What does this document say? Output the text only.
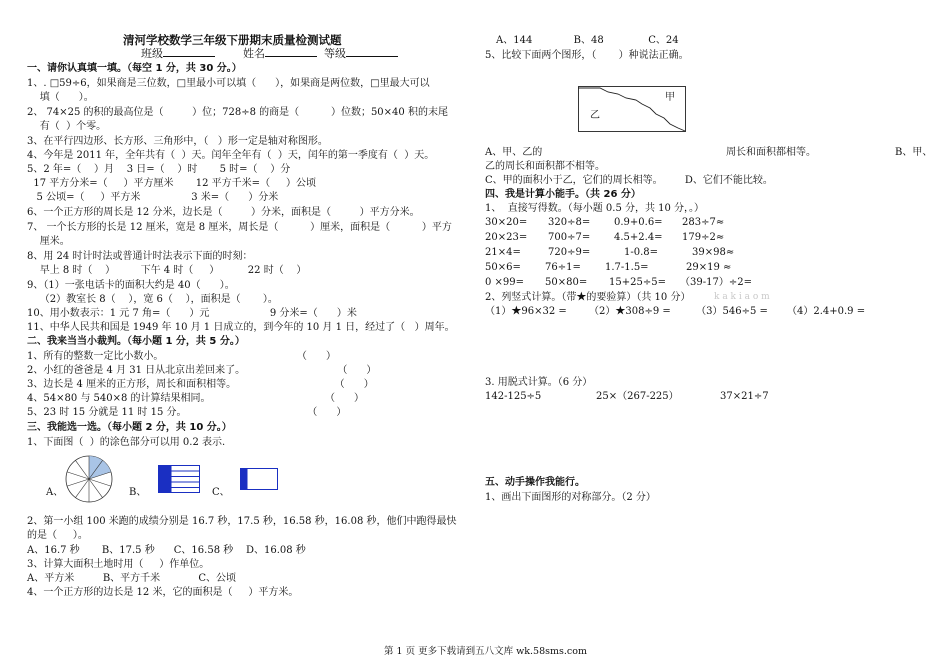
清河学校数学三年级下册期末质量检测试题
班级	姓名	等级
一、请你认真填一填。（每空 1 分，共 30 分。）
1、. □59÷6，如果商是三位数，□里最小可以填（      ），如果商是两位数，□里最大可以
填（      ）。
2、 74×25 的积的最高位是（         ）位；728÷8 的商是（          ）位数；50×40 积的末尾
有（  ）个零。
3、在平行四边形、长方形、三角形中，（   ）形一定是轴对称图形。
4、今年是 2011 年，全年共有（  ）天。闰年全年有（  ）天，闰年的第一季度有（  ）天。
5、2 年=（    ）月    3 日=（    ）时       5 时=（    ）分
17 平方分米=（     ）平方厘米       12 平方千米=（     ）公顷
5 公顷=（     ）平方米                3 米=（      ）分米
6、一个正方形的周长是 12 分米，边长是（         ）分米，面积是（         ）平方分米。
7、 一个长方形的长是 12 厘米，宽是 8 厘米，周长是（          ）厘米，面积是（          ）平方
厘米。
8、用 24 时计时法或普通计时法表示下面的时刻：
早上 8 时（    ）        下午 4 时（     ）         22 时（    ）
9、（1）一张电话卡的面积大约是 40（      ）。
（2）教室长 8（    ），宽 6（    ），面积是（       ）。
10、用小数表示：1 元 7 角=（      ）元                   9 分米=（      ）米
11、中华人民共和国是 1949 年 10 月 1 日成立的，到今年的 10 月 1 日，经过了（   ）周年。
二、我来当当小裁判。（每小题 1 分，共 5 分。）
1、所有的整数一定比小数小。                                          （      ）
2、小红的爸爸是 4 月 31 日从北京出差回来了。                             （      ）
3、边长是 4 厘米的正方形，周长和面积相等。                               （      ）
4、54×80 与 540×8 的计算结果相同。                                    （      ）
5、23 时 15 分就是 11 时 15 分。                                      （      ）
三、我能选一选。（每小题 2 分，共 10 分。）
1、下面图（  ）的涂色部分可以用 0.2 表示.
A、	B、	C、
2、第一小组 100 米跑的成绩分别是 16.7 秒，17.5 秒，16.58 秒，16.08 秒，他们中跑得最快
的是（     ）。
A、16.7 秒       B、17.5 秒      C、16.58 秒    D、16.08 秒
3、计算大面积土地时用（     ）作单位。
A、平方米         B、平方千米            C、公顷
4、一个正方形的边长是 12 米，它的面积是（     ）平方米。
A、144             B、48              C、24
5、比较下面两个图形，（       ）种说法正确。
甲
乙
A、甲、乙的	周长和面积都相等。	B、甲、
乙的周长和面积都不相等。
C、甲的面积小于乙，它们的周长相等。       D、它们不能比较。
四、我是计算小能手。（共 26 分）
1、  直接写得数。（每小题 0.5 分，共 10 分，。）
30×20= 320÷8= 0.9+0.6= 283÷7≈
20×23= 700÷7= 4.5+2.4= 179÷2≈
21×4=	720÷9=	1-0.8=	39×98≈
50×6= 76÷1= 1.7-1.5=	29×19 ≈
0 ×99= 50×80= 15+25÷5= （39-17）÷2=
2、列竖式计算。（带★的要验算）（共 10 分）	k a k i a o m
（1）★96×32 =       （2）★308÷9 =        （3）546÷5 =      （4）2.4+0.9 =
3. 用脱式计算。（6 分）
142-125÷5	25×（267-225）	37×21÷7
五、动手操作我能行。
1、画出下面图形的对称部分。（2 分）
第 1 页 更多下载请到五八文库 wk.58sms.com
